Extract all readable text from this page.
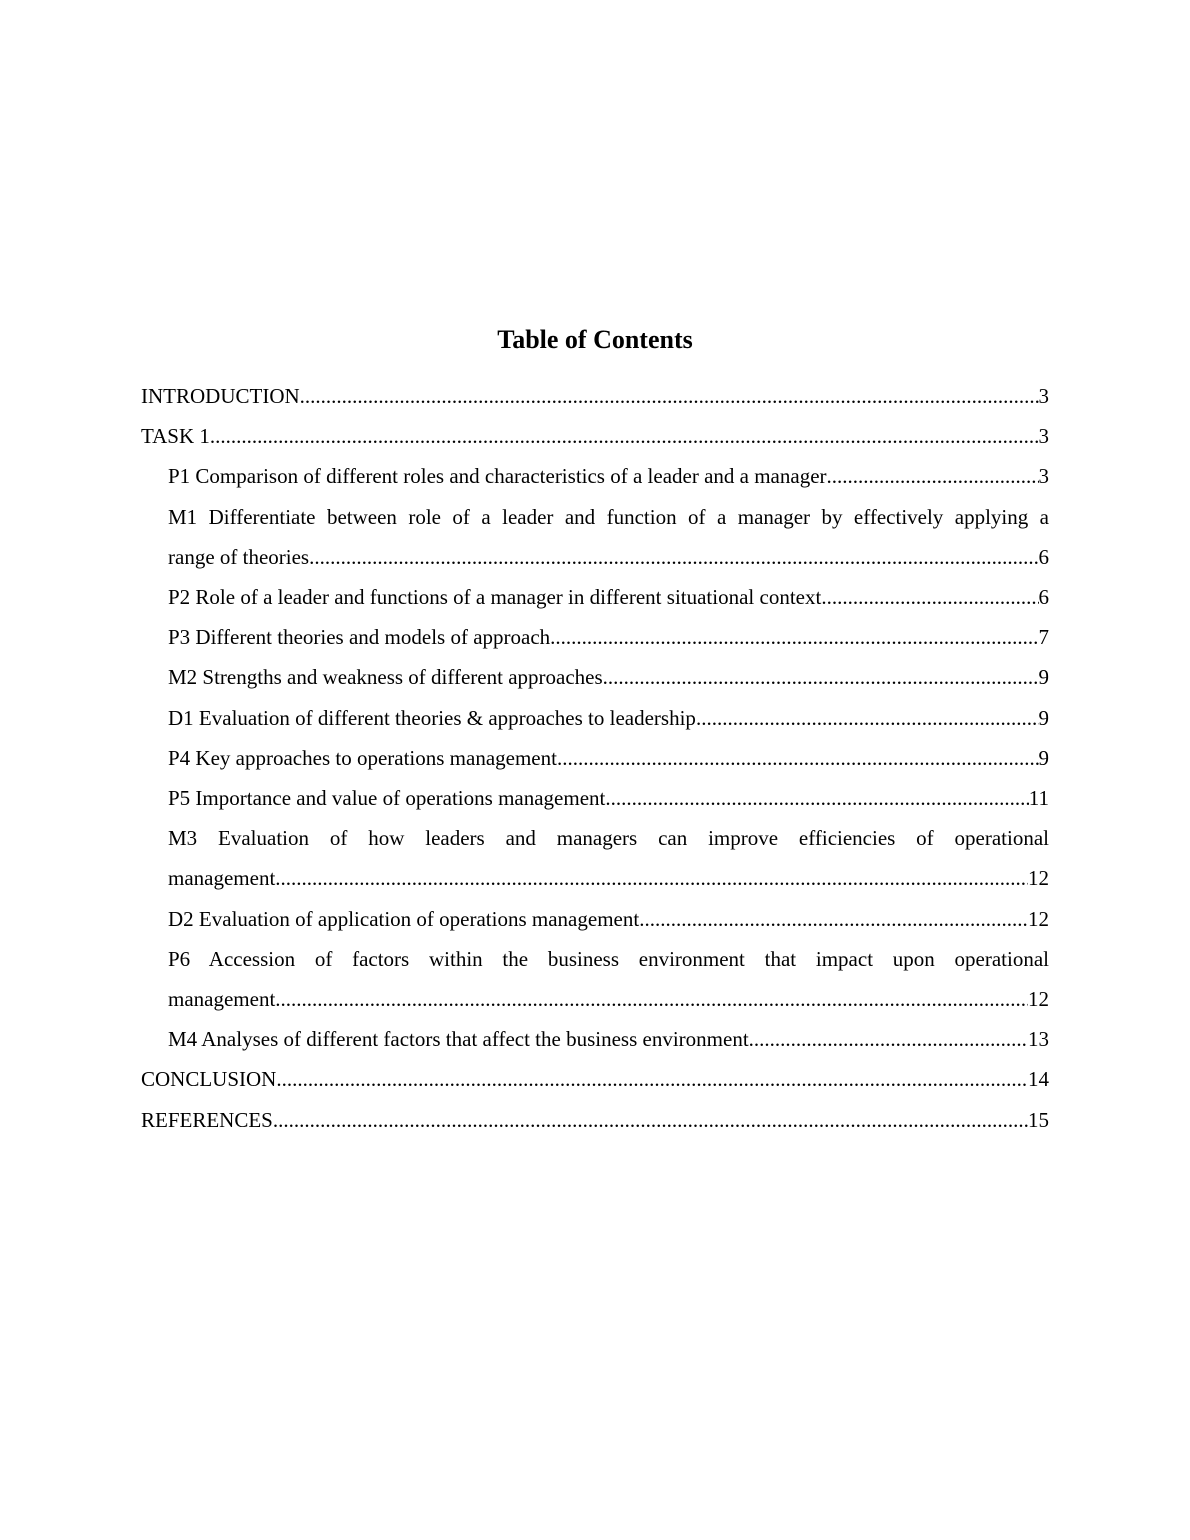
Table of Contents
INTRODUCTION .....	3
TASK 1 .....	3
P1 Comparison of different roles and characteristics of a leader and a manager .....	3
M1 Differentiate between role of a leader and function of a manager by effectively applying a
range of theories .....	6
P2 Role of a leader and functions of a manager in different situational context .....	6
P3 Different theories and models of approach .....	7
M2 Strengths and weakness of different approaches .....	9
D1 Evaluation of different theories & approaches to leadership .....	9
P4 Key approaches to operations management .....	9
P5 Importance and value of operations management .....	11
M3 Evaluation of how leaders and managers can improve efficiencies of operational
management .....	12
D2 Evaluation of application of operations management .....	12
P6 Accession of factors within the business environment that impact upon operational
management .....	12
M4 Analyses of different factors that affect the business environment .....	13
CONCLUSION .....	14
REFERENCES .....	15
